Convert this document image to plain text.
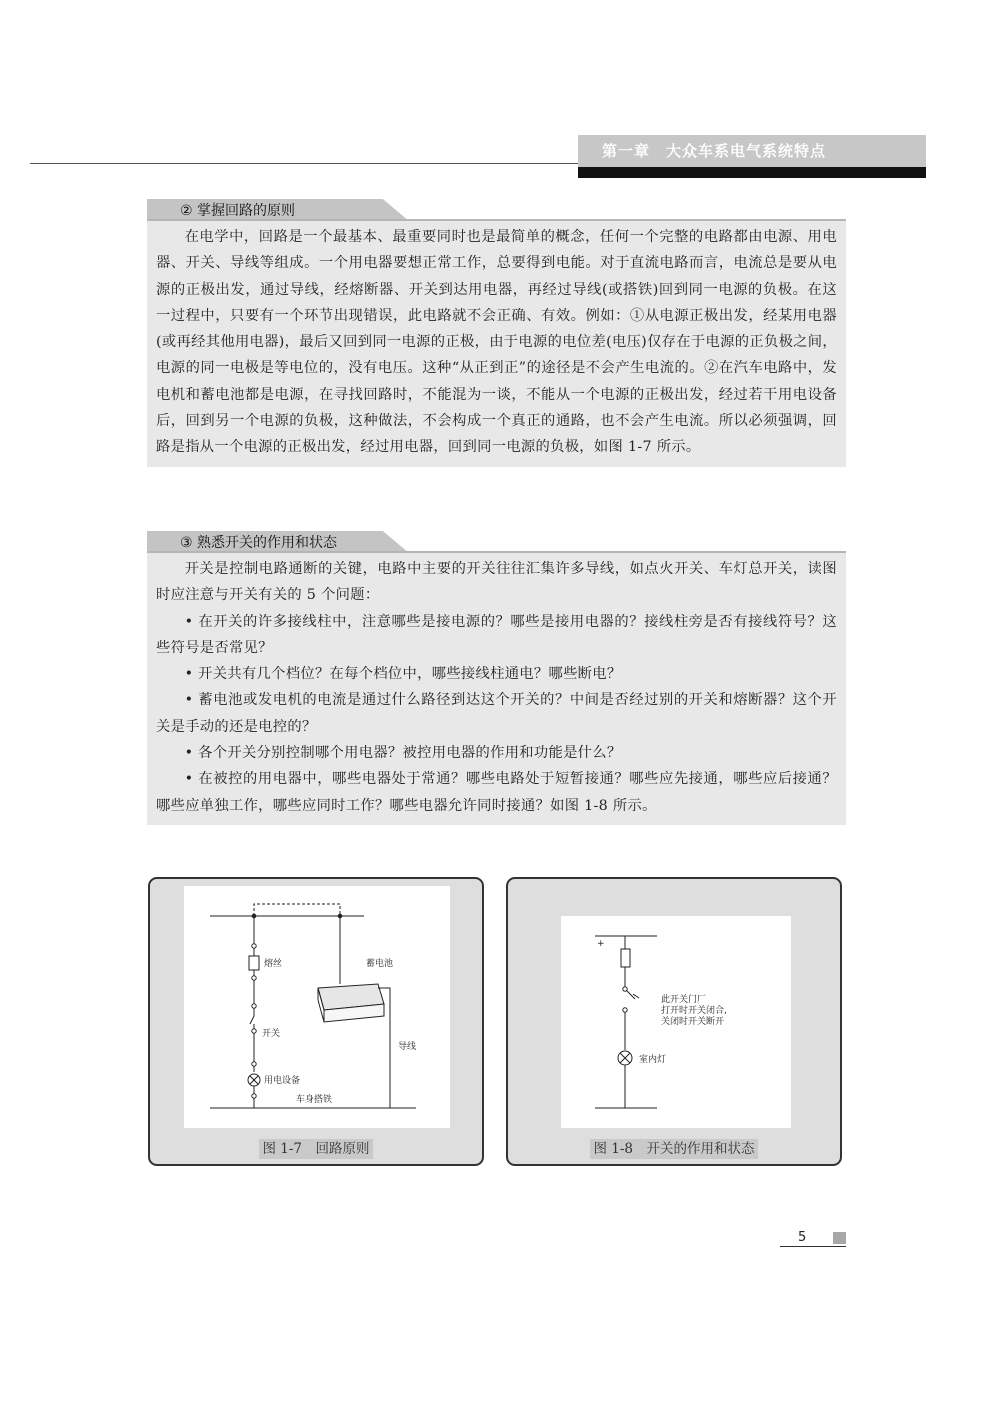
第一章　大众车系电气系统特点
② 掌握回路的原则

在电学中，回路是一个最基本、最重要同时也是最简单的概念，任何一个完整的电路都由电源、用电器、开关、导线等组成。一个用电器要想正常工作，总要得到电能。对于直流电路而言，电流总是要从电源的正极出发，通过导线，经熔断器、开关到达用电器，再经过导线(或搭铁)回到同一电源的负极。在这一过程中，只要有一个环节出现错误，此电路就不会正确、有效。例如：①从电源正极出发，经某用电器(或再经其他用电器)，最后又回到同一电源的正极，由于电源的电位差(电压)仅存在于电源的正负极之间，电源的同一电极是等电位的，没有电压。这种“从正到正”的途径是不会产生电流的。②在汽车电路中，发电机和蓄电池都是电源，在寻找回路时，不能混为一谈，不能从一个电源的正极出发，经过若干用电设备后，回到另一个电源的负极，这种做法，不会构成一个真正的通路，也不会产生电流。所以必须强调，回路是指从一个电源的正极出发，经过用电器，回到同一电源的负极，如图 1-7 所示。

③ 熟悉开关的作用和状态

开关是控制电路通断的关键，电路中主要的开关往往汇集许多导线，如点火开关、车灯总开关，读图时应注意与开关有关的 5 个问题：

• 在开关的许多接线柱中，注意哪些是接电源的？哪些是接用电器的？接线柱旁是否有接线符号？这些符号是否常见？

• 开关共有几个档位？在每个档位中，哪些接线柱通电？哪些断电？

• 蓄电池或发电机的电流是通过什么路径到达这个开关的？中间是否经过别的开关和熔断器？这个开关是手动的还是电控的？

• 各个开关分别控制哪个用电器？被控用电器的作用和功能是什么？

• 在被控的用电器中，哪些电器处于常通？哪些电路处于短暂接通？哪些应先接通，哪些应后接通？哪些应单独工作，哪些应同时工作？哪些电器允许同时接通？如图 1-8 所示。

熔丝	蓄电池
开关
导线
用电设备
车身搭铁
图 1-7　回路原则
+
此开关门厂
打开时开关闭合,
关闭时开关断开
室内灯
图 1-8　开关的作用和状态
5
